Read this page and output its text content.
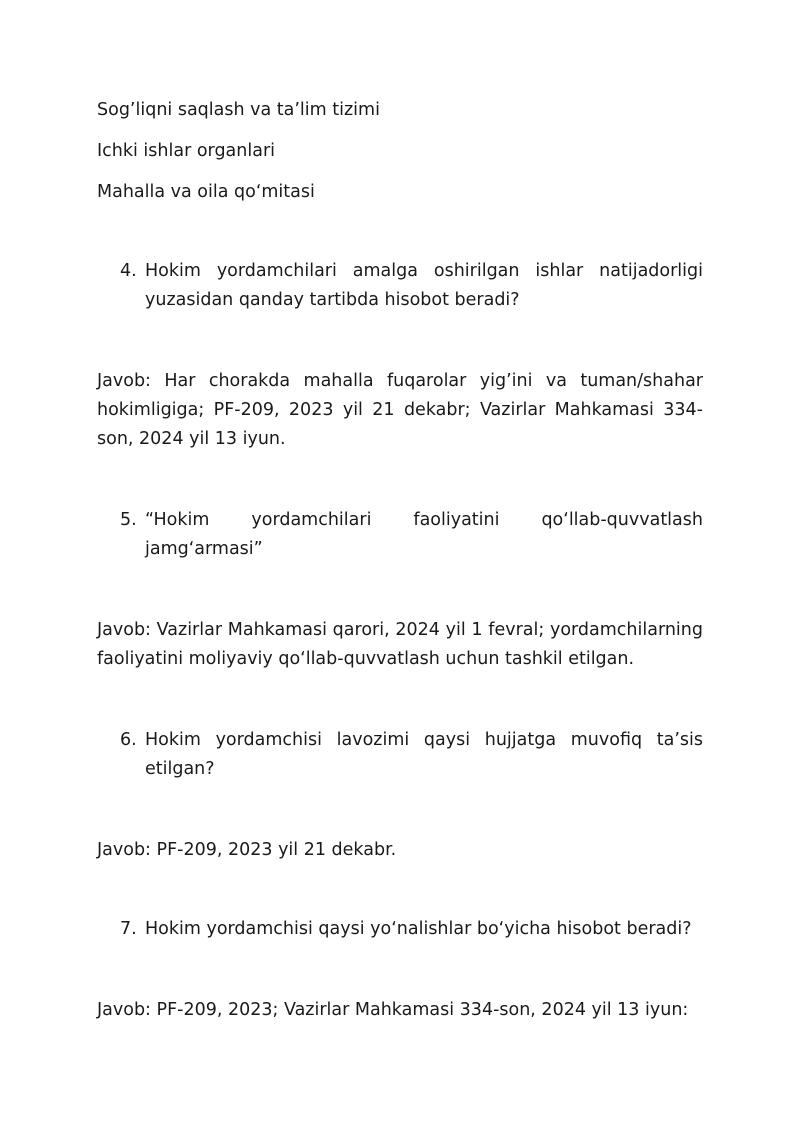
Sog’liqni saqlash va ta’lim tizimi
Ichki ishlar organlari
Mahalla va oila qo‘mitasi
4. Hokim yordamchilari amalga oshirilgan ishlar natijadorligi yuzasidan qanday tartibda hisobot beradi?
Javob: Har chorakda mahalla fuqarolar yig’ini va tuman/shahar hokimligiga; PF-209, 2023 yil 21 dekabr; Vazirlar Mahkamasi 334-son, 2024 yil 13 iyun.
5. “Hokim yordamchilari faoliyatini qo‘llab-quvvatlash
jamg‘armasi”
Javob: Vazirlar Mahkamasi qarori, 2024 yil 1 fevral; yordamchilarning faoliyatini moliyaviy qo‘llab-quvvatlash uchun tashkil etilgan.
6. Hokim yordamchisi lavozimi qaysi hujjatga muvofiq ta’sis etilgan?
Javob: PF-209, 2023 yil 21 dekabr.
7. Hokim yordamchisi qaysi yo‘nalishlar bo‘yicha hisobot beradi?
Javob: PF-209, 2023; Vazirlar Mahkamasi 334-son, 2024 yil 13 iyun:
